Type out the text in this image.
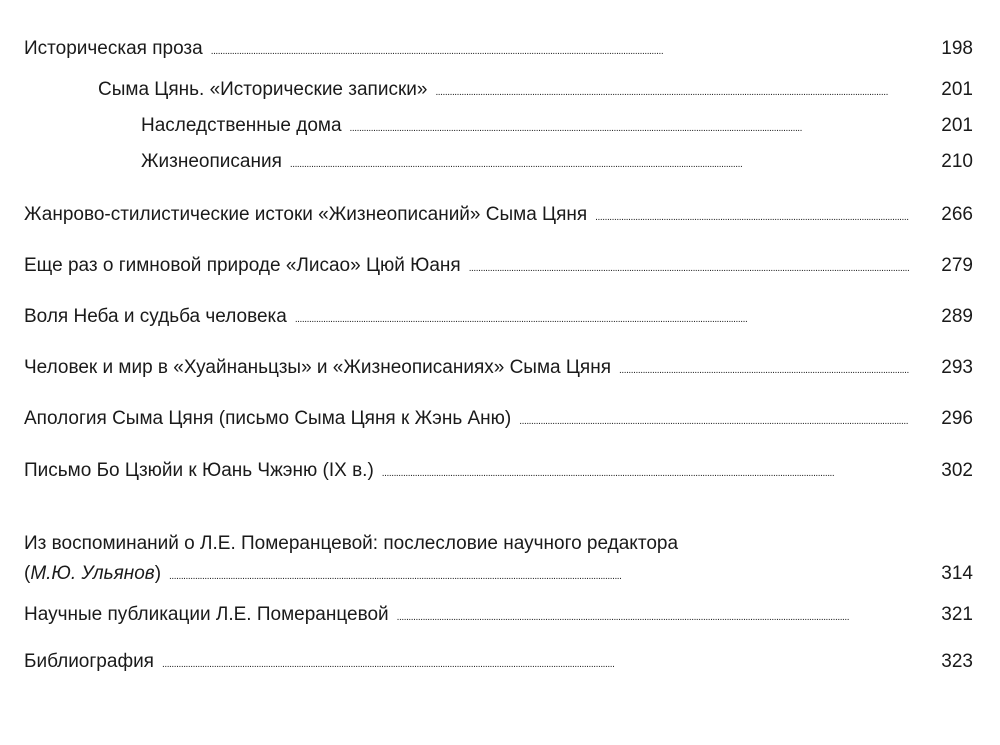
Историческая проза . . .	198
Сыма Цянь. «Исторические записки» . . .	201
Наследственные дома . . .	201
Жизнеописания . . .	210
Жанрово-стилистические истоки «Жизнеописаний» Сыма Цяня . . .	266
Еще раз о гимновой природе «Лисао» Цюй Юаня . . .	279
Воля Неба и судьба человека . . .	289
Человек и мир в «Хуайнаньцзы» и «Жизнеописаниях» Сыма Цяня . . .	293
Апология Сыма Цяня (письмо Сыма Цяня к Жэнь Аню) . . .	296
Письмо Бо Цзюйи к Юань Чжэню (IX в.) . . .	302
Из воспоминаний о Л.Е. Померанцевой: послесловие научного редактора
(М.Ю. Ульянов) . . .	314
Научные публикации Л.Е. Померанцевой . . .	321
Библиография . . .	323
